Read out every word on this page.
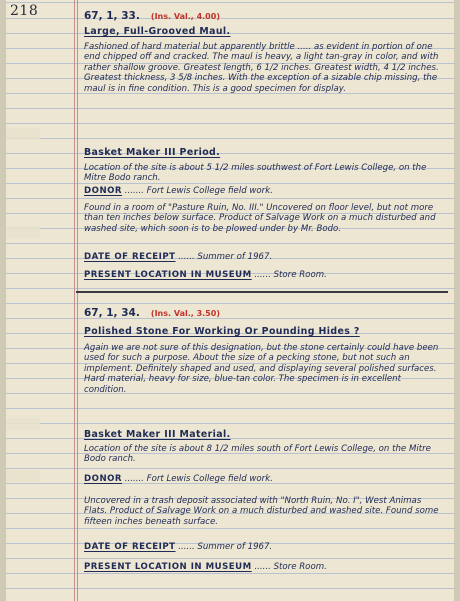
218	67, 1, 33. (Ins. Val., 4.00)
Large, Full-Grooved Maul.
Fashioned of hard material but apparently brittle ..... as evident in portion of one end chipped off and cracked. The maul is heavy, a light tan-gray in color, and with rather shallow groove. Greatest length, 6 1/2 inches. Greatest width, 4 1/2 inches. Greatest thickness, 3 5/8 inches. With the exception of a sizable chip missing, the maul is in fine condition. This is a good specimen for display.
Basket Maker III Period.
Location of the site is about 5 1/2 miles southwest of Fort Lewis College, on the Mitre Bodo ranch.
DONOR ....... Fort Lewis College field work.
Found in a room of "Pasture Ruin, No. III." Uncovered on floor level, but not more than ten inches below surface. Product of Salvage Work on a much disturbed and washed site, which soon is to be plowed under by Mr. Bodo.
DATE OF RECEIPT ...... Summer of 1967.
PRESENT LOCATION IN MUSEUM ...... Store Room.
67, 1, 34. (Ins. Val., 3.50)
Polished Stone For Working Or Pounding Hides ?
Again we are not sure of this designation, but the stone certainly could have been used for such a purpose. About the size of a pecking stone, but not such an implement. Definitely shaped and used, and displaying several polished surfaces. Hard material, heavy for size, blue-tan color. The specimen is in excellent condition.
Basket Maker III Material.
Location of the site is about 8 1/2 miles south of Fort Lewis College, on the Mitre Bodo ranch.
DONOR ....... Fort Lewis College field work.
Uncovered in a trash deposit associated with "North Ruin, No. I", West Animas Flats. Product of Salvage Work on a much disturbed and washed site. Found some fifteen inches beneath surface.
DATE OF RECEIPT ...... Summer of 1967.
PRESENT LOCATION IN MUSEUM ...... Store Room.
